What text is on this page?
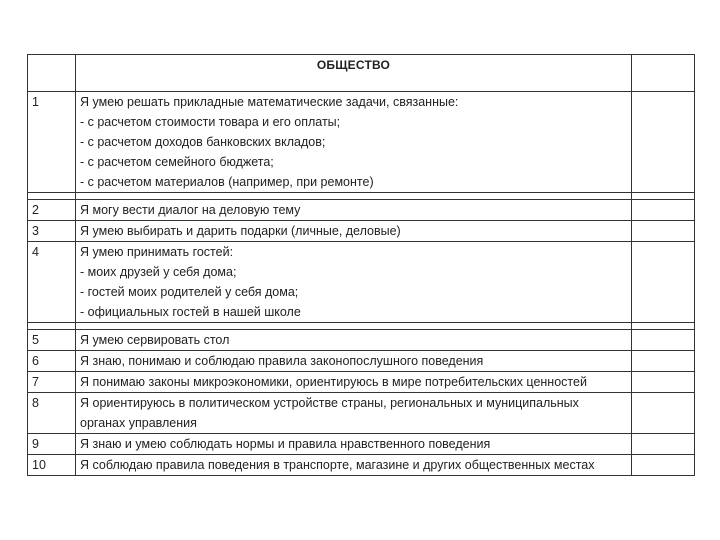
	ОБЩЕСТВО	
1	Я умею решать прикладные математические задачи, связанные:
- с расчетом стоимости товара и его оплаты;
- с расчетом доходов банковских вкладов;
- с расчетом семейного бюджета;
- с расчетом материалов (например, при ремонте)	

2	Я могу вести диалог на деловую тему	

3	Я умею выбирать и дарить подарки (личные, деловые)	

4	Я умею принимать гостей:
- моих друзей у себя дома;
- гостей моих родителей у себя дома;
- официальных гостей в нашей школе	

5	Я умею сервировать стол	

6	Я знаю, понимаю и соблюдаю правила законопослушного поведения	

7	Я понимаю законы микроэкономики, ориентируюсь в мире потребительских ценностей	

8	Я ориентируюсь в политическом устройстве страны, региональных и муниципальных органах управления	

9	Я знаю и умею соблюдать нормы и правила нравственного поведения	

10	Я соблюдаю правила поведения в транспорте, магазине и других общественных местах	
